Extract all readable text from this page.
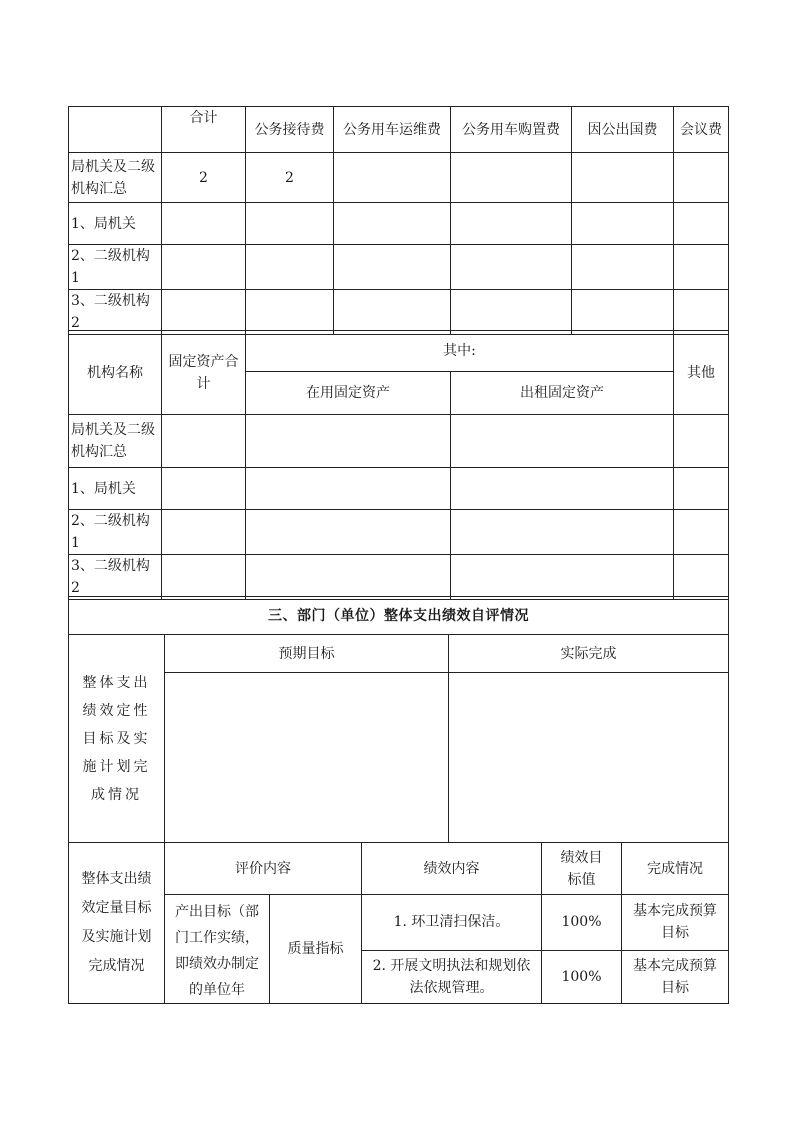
	合计	公务接待费	公务用车运维费	公务用车购置费	因公出国费	会议费
局机关及二级机构汇总	2	2				
1、局机关						
2、二级机构 1						
3、二级机构 2						
机构名称	固定资产合计	其中:		其他
		在用固定资产	出租固定资产	
局机关及二级机构汇总				
1、局机关				
2、二级机构 1				
3、二级机构 2				
三、部门（单位）整体支出绩效自评情况		
整体支出绩效定性目标及实施计划完成情况	预期目标	实际完成

整体支出绩效定量目标及实施计划完成情况	评价内容		绩效内容	绩效目标值	完成情况
	产出目标（部门工作实绩，即绩效办制定的单位年	质量指标	1. 环卫清扫保洁。	100%	基本完成预算目标
			2. 开展文明执法和规划依法依规管理。	100%	基本完成预算目标
